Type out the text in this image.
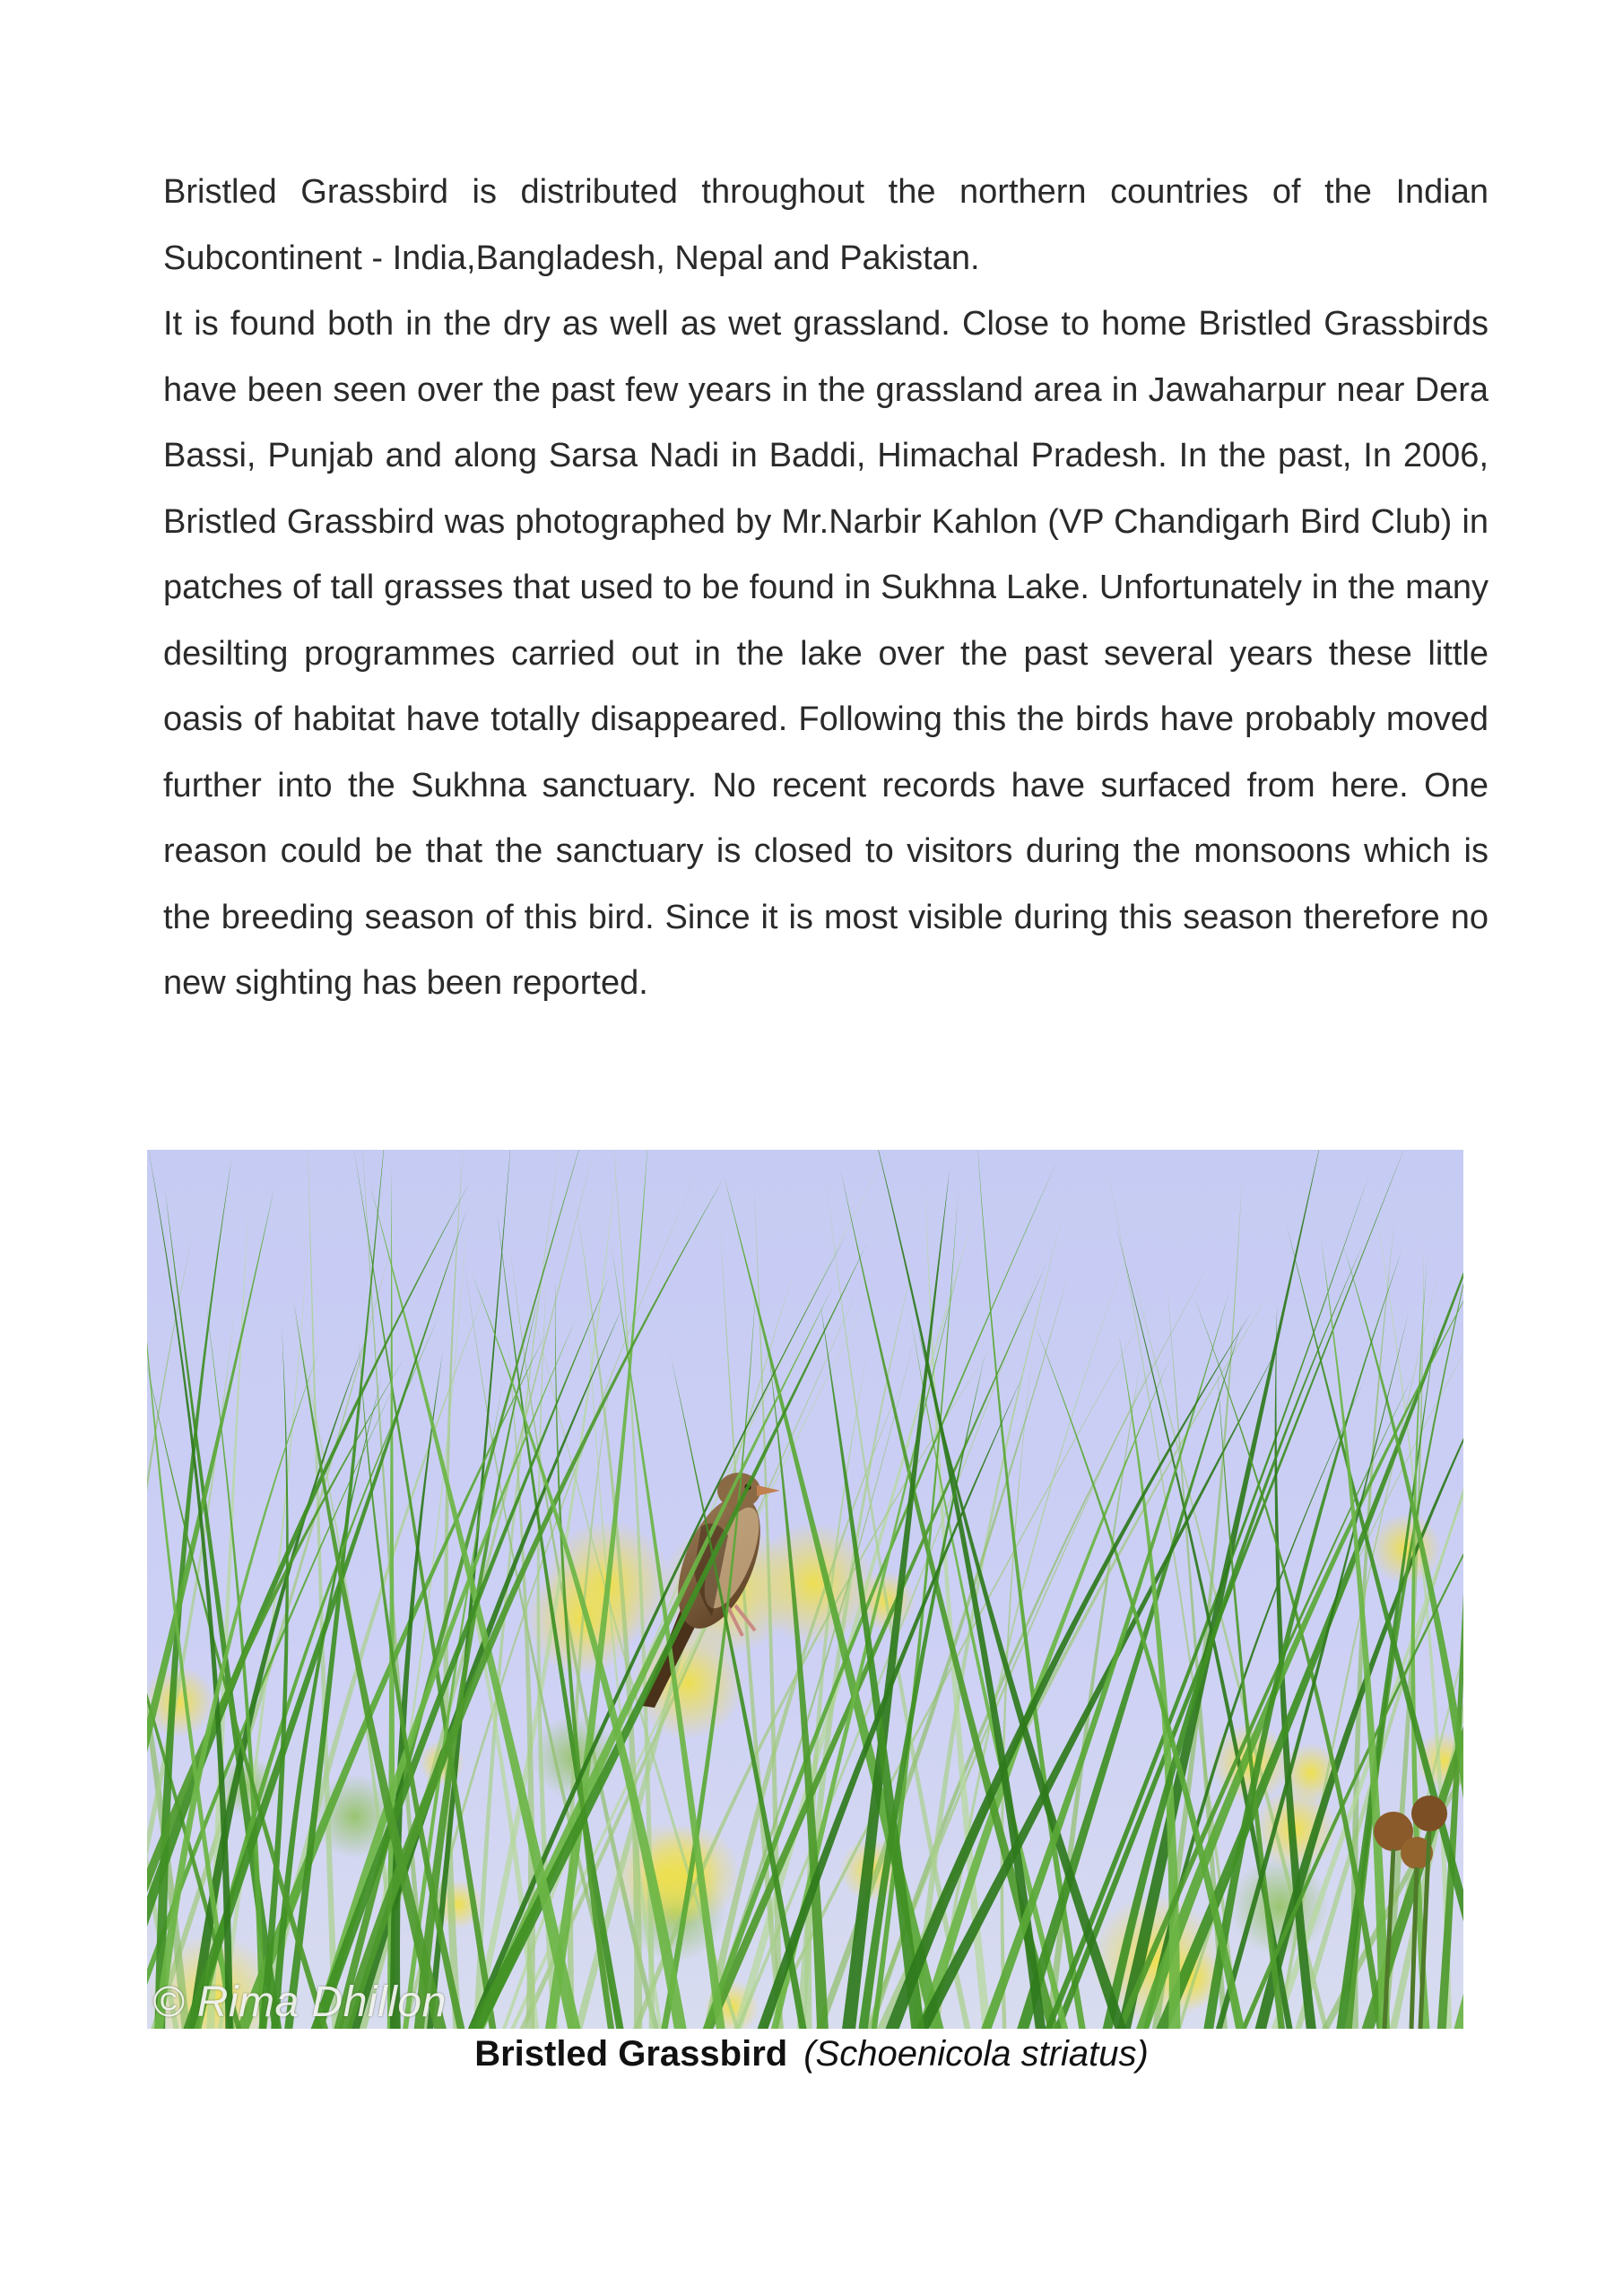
Bristled Grassbird is distributed throughout the northern countries of the Indian Subcontinent - India,Bangladesh, Nepal and Pakistan.

It is found both in the dry as well as wet grassland. Close to home Bristled Grassbirds have been seen over the past few years in the grassland area in Jawaharpur near Dera Bassi, Punjab and along Sarsa Nadi in Baddi, Himachal Pradesh. In the past, In 2006, Bristled Grassbird was photographed by Mr.Narbir Kahlon (VP Chandigarh Bird Club) in patches of tall grasses that used to be found in Sukhna Lake. Unfortunately in the many desilting programmes carried out in the lake over the past several years these little oasis of habitat have totally disappeared. Following this the birds have probably moved further into the Sukhna sanctuary. No recent records have surfaced from here. One reason could be that the sanctuary is closed to visitors during the monsoons which is the breeding season of this bird. Since it is most visible during this season therefore no new sighting has been reported.

© Rima Dhillon
Bristled Grassbird (Schoenicola striatus)
